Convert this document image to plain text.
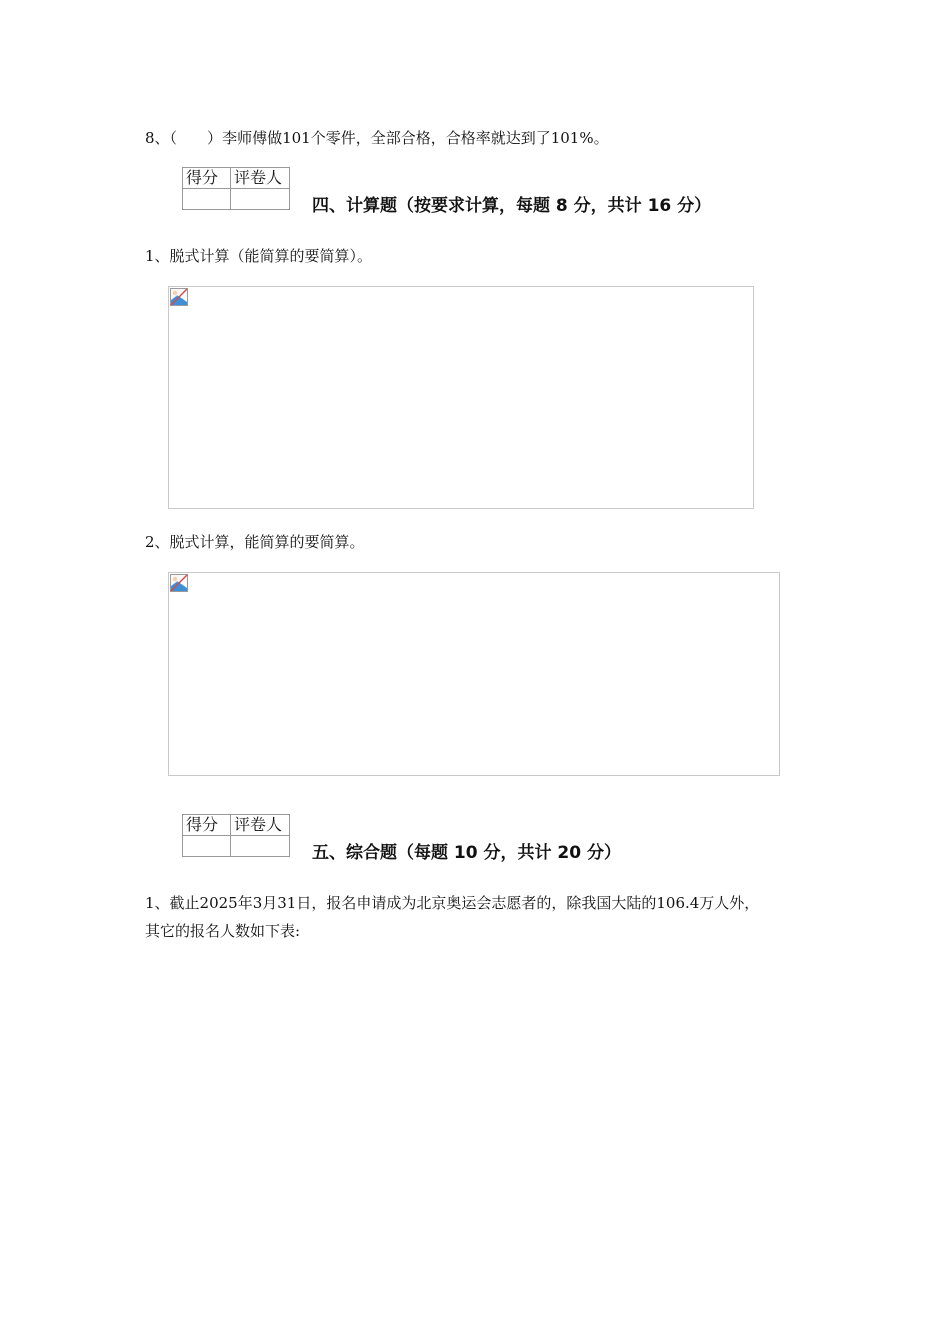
8、（　　）李师傅做101个零件，全部合格，合格率就达到了101%。
得分	评卷人

四、计算题（按要求计算，每题 8 分，共计 16 分）
1、脱式计算（能简算的要简算）。
2、脱式计算，能简算的要简算。
得分	评卷人

五、综合题（每题 10 分，共计 20 分）
1、截止2025年3月31日，报名申请成为北京奥运会志愿者的，除我国大陆的106.4万人外，
其它的报名人数如下表:
